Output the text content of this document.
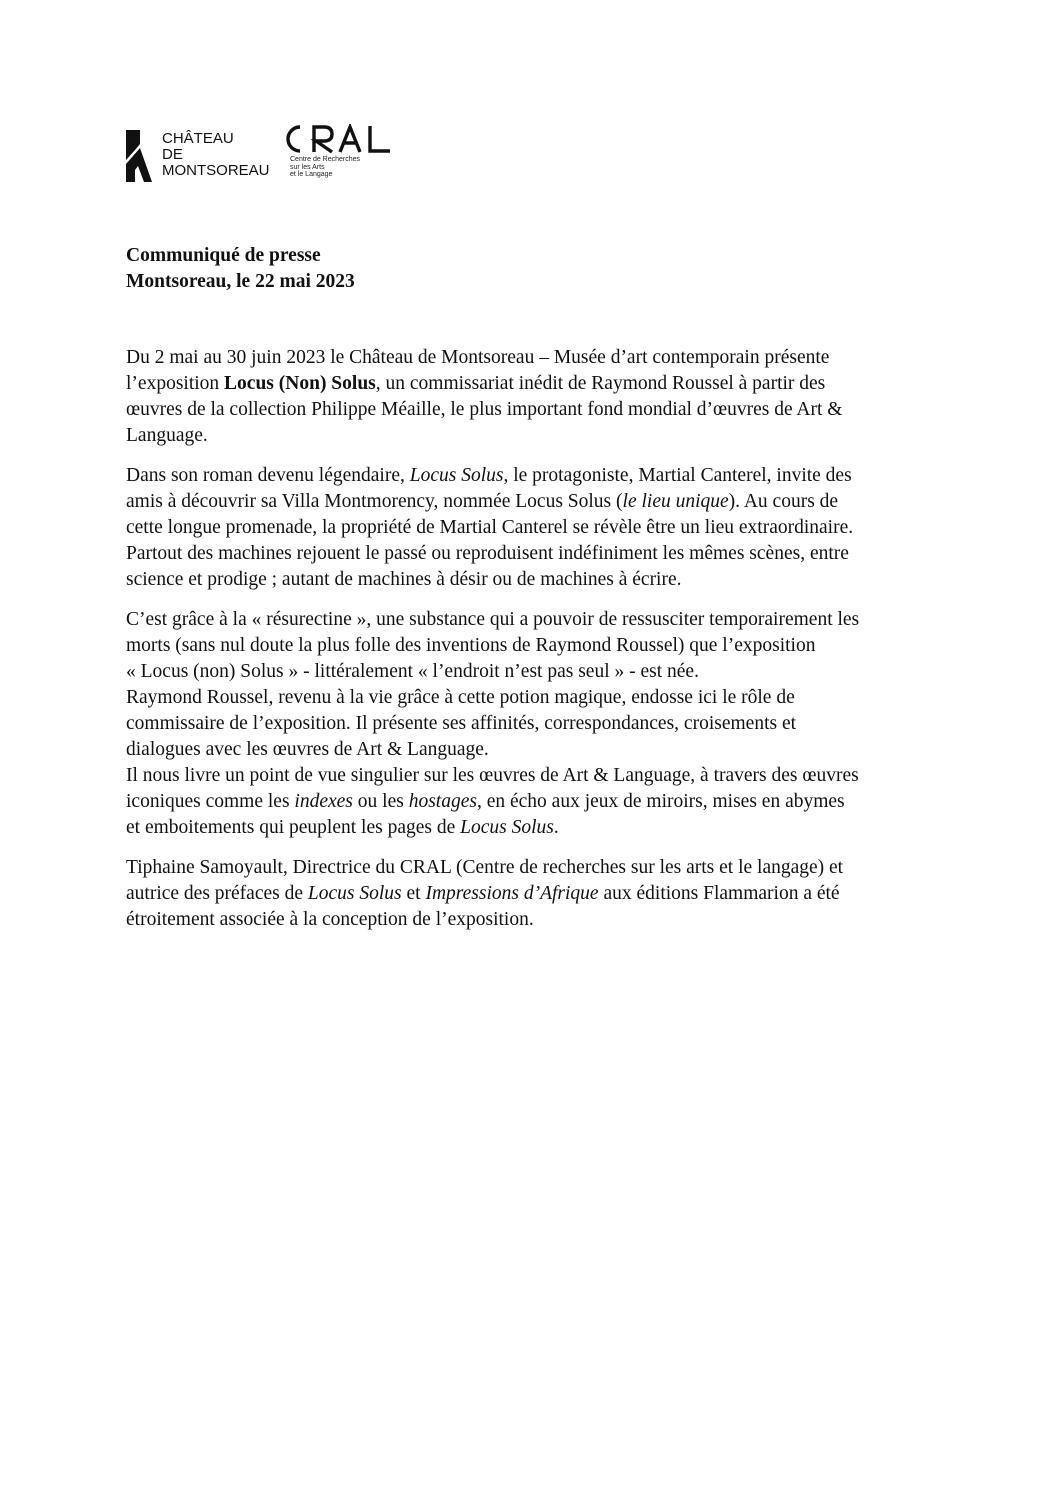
CHÂTEAU
DE
MONTSOREAU
Centre de Recherches
sur les Arts
et le Langage
Communiqué de presse
Montsoreau, le 22 mai 2023

Du 2 mai au 30 juin 2023 le Château de Montsoreau – Musée d’art contemporain présente
l’exposition Locus (Non) Solus, un commissariat inédit de Raymond Roussel à partir des
œuvres de la collection Philippe Méaille, le plus important fond mondial d’œuvres de Art &
Language.

Dans son roman devenu légendaire, Locus Solus, le protagoniste, Martial Canterel, invite des
amis à découvrir sa Villa Montmorency, nommée Locus Solus (le lieu unique). Au cours de
cette longue promenade, la propriété de Martial Canterel se révèle être un lieu extraordinaire.
Partout des machines rejouent le passé ou reproduisent indéfiniment les mêmes scènes, entre
science et prodige ; autant de machines à désir ou de machines à écrire.

C’est grâce à la « résurectine », une substance qui a pouvoir de ressusciter temporairement les
morts (sans nul doute la plus folle des inventions de Raymond Roussel) que l’exposition
« Locus (non) Solus » - littéralement « l’endroit n’est pas seul » - est née.
Raymond Roussel, revenu à la vie grâce à cette potion magique, endosse ici le rôle de
commissaire de l’exposition. Il présente ses affinités, correspondances, croisements et
dialogues avec les œuvres de Art & Language.
Il nous livre un point de vue singulier sur les œuvres de Art & Language, à travers des œuvres
iconiques comme les indexes ou les hostages, en écho aux jeux de miroirs, mises en abymes
et emboitements qui peuplent les pages de Locus Solus.

Tiphaine Samoyault, Directrice du CRAL (Centre de recherches sur les arts et le langage) et
autrice des préfaces de Locus Solus et Impressions d’Afrique aux éditions Flammarion a été
étroitement associée à la conception de l’exposition.
